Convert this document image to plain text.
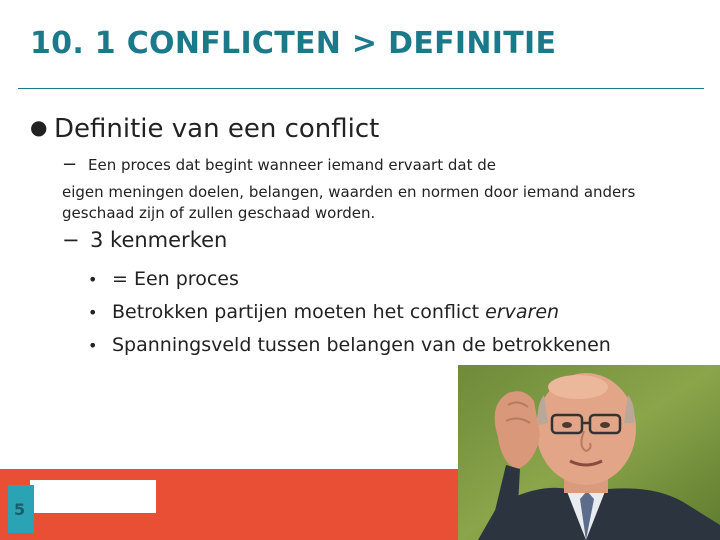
10. 1 CONFLICTEN > DEFINITIE
● Definitie van een conflict
− Een proces dat begint wanneer iemand ervaart dat de
eigen meningen doelen, belangen, waarden en normen door iemand anders geschaad zijn of zullen geschaad worden.
− 3 kenmerken
• = Een proces
• Betrokken partijen moeten het conflict ervaren
• Spanningsveld tussen belangen van de betrokkenen
5
